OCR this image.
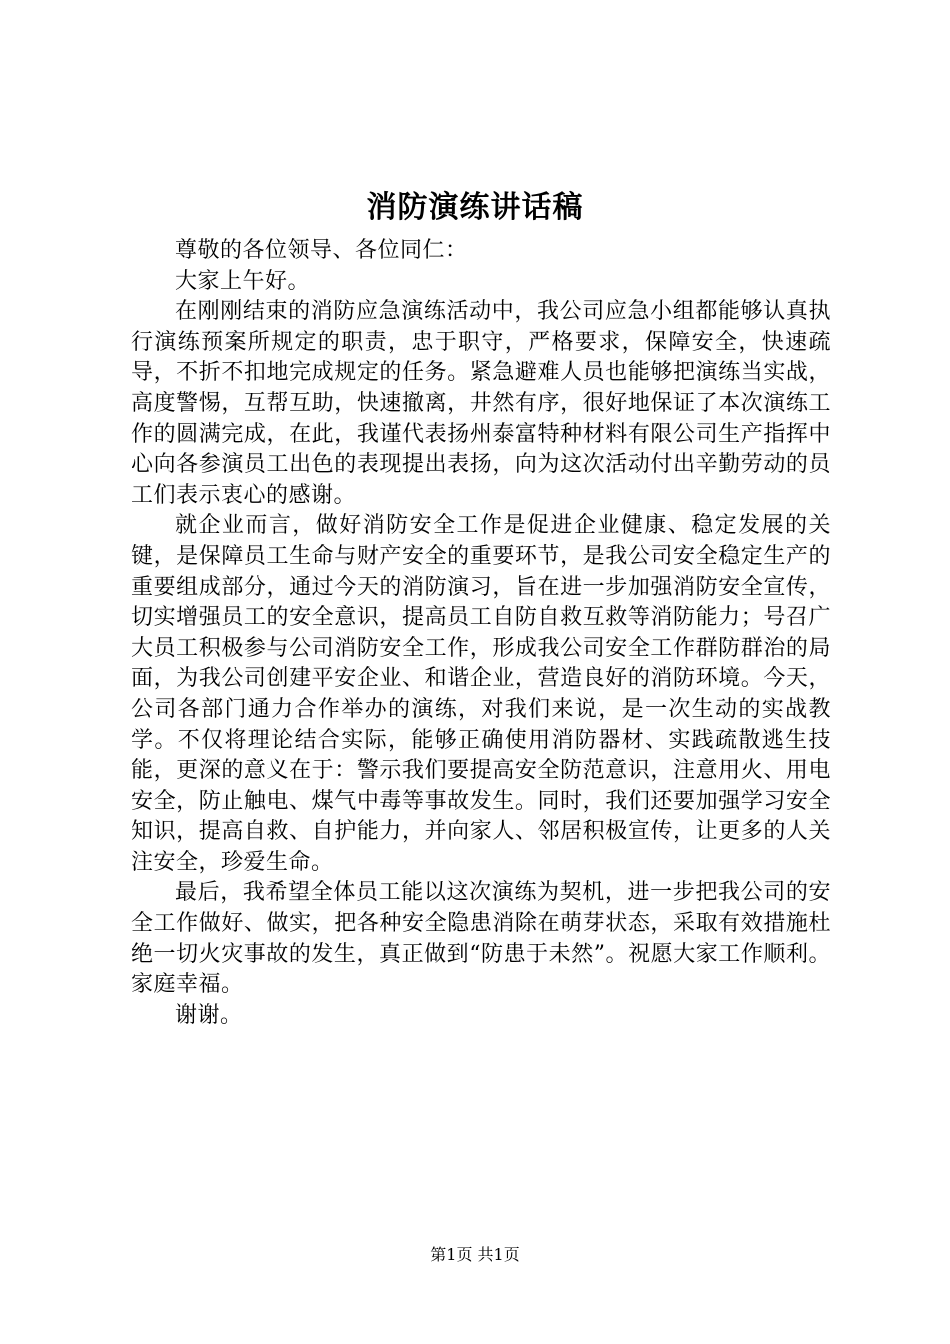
消防演练讲话稿

尊敬的各位领导、各位同仁：

大家上午好。

在刚刚结束的消防应急演练活动中，我公司应急小组都能够认真执行演练预案所规定的职责，忠于职守，严格要求，保障安全，快速疏导，不折不扣地完成规定的任务。紧急避难人员也能够把演练当实战，高度警惕，互帮互助，快速撤离，井然有序，很好地保证了本次演练工作的圆满完成，在此，我谨代表扬州泰富特种材料有限公司生产指挥中心向各参演员工出色的表现提出表扬，向为这次活动付出辛勤劳动的员工们表示衷心的感谢。

就企业而言，做好消防安全工作是促进企业健康、稳定发展的关键，是保障员工生命与财产安全的重要环节，是我公司安全稳定生产的重要组成部分，通过今天的消防演习，旨在进一步加强消防安全宣传，切实增强员工的安全意识，提高员工自防自救互救等消防能力；号召广大员工积极参与公司消防安全工作，形成我公司安全工作群防群治的局面，为我公司创建平安企业、和谐企业，营造良好的消防环境。今天，公司各部门通力合作举办的演练，对我们来说，是一次生动的实战教学。不仅将理论结合实际，能够正确使用消防器材、实践疏散逃生技能，更深的意义在于：警示我们要提高安全防范意识，注意用火、用电安全，防止触电、煤气中毒等事故发生。同时，我们还要加强学习安全知识，提高自救、自护能力，并向家人、邻居积极宣传，让更多的人关注安全，珍爱生命。

最后，我希望全体员工能以这次演练为契机，进一步把我公司的安全工作做好、做实，把各种安全隐患消除在萌芽状态，采取有效措施杜绝一切火灾事故的发生，真正做到“防患于未然”。祝愿大家工作顺利。家庭幸福。

谢谢。

第1页 共1页
